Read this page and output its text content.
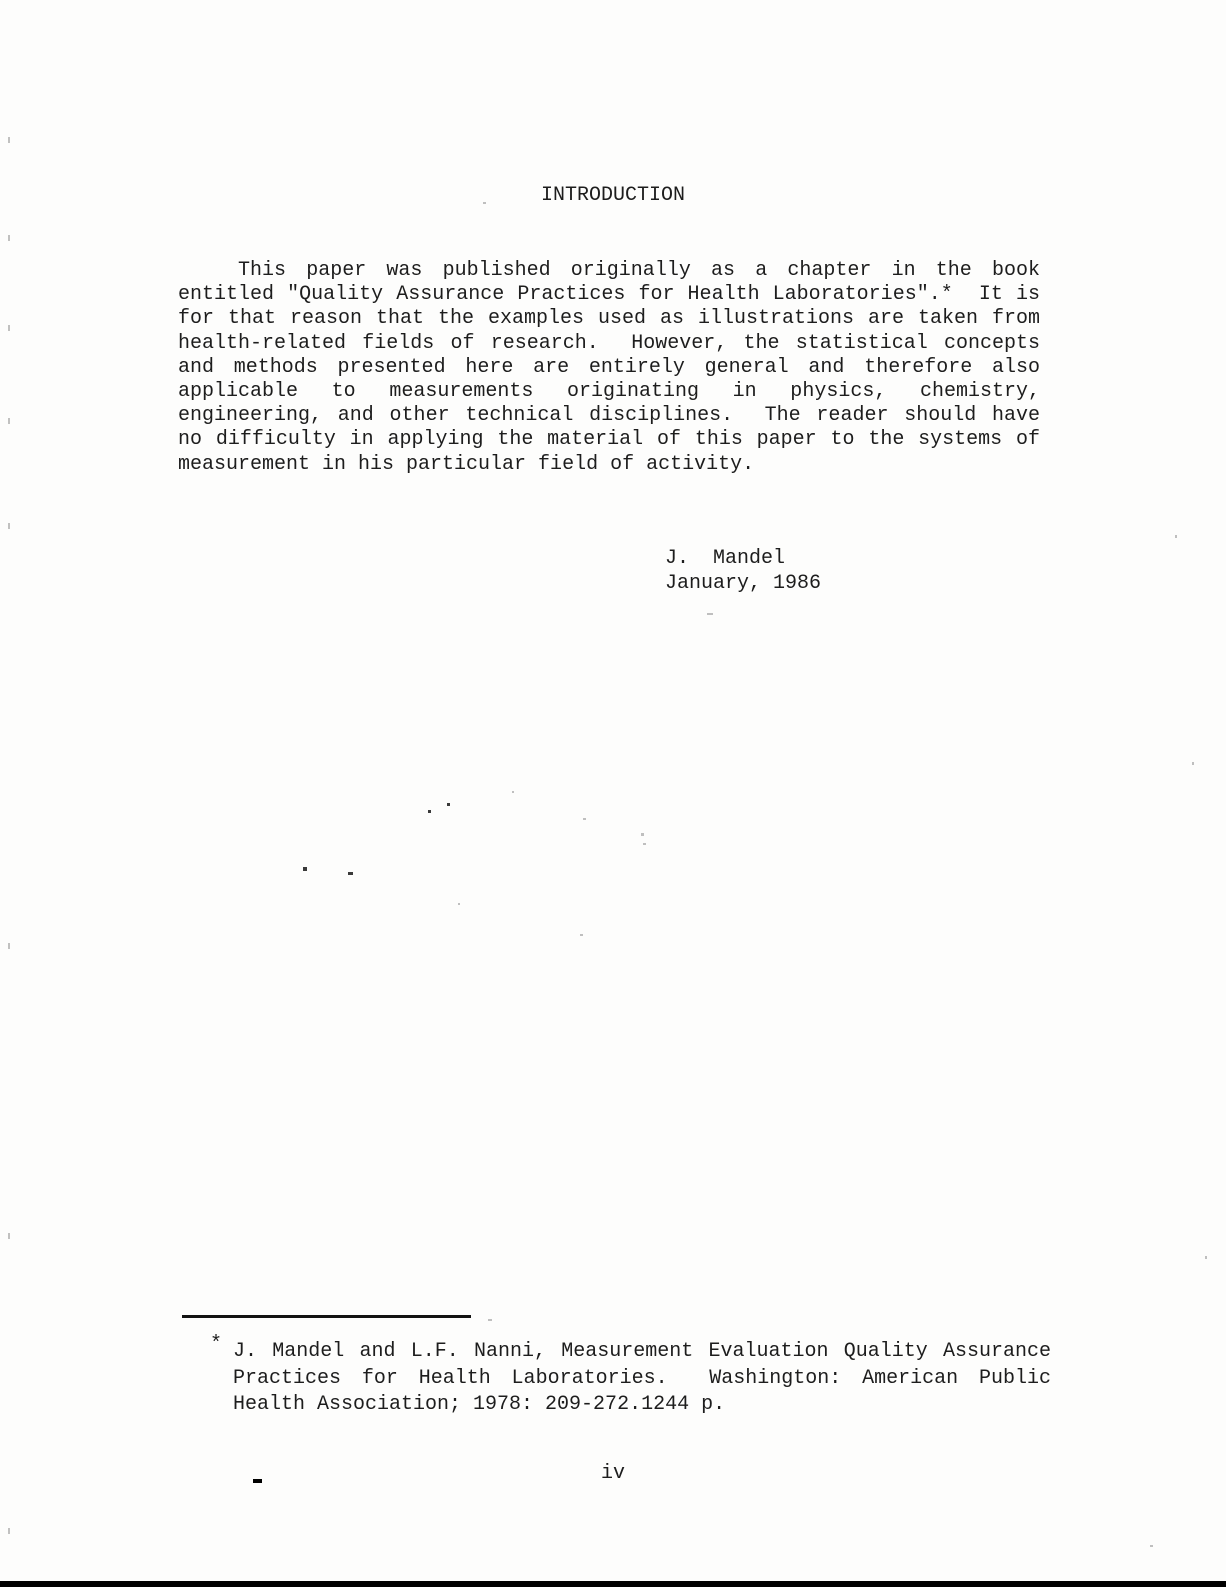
INTRODUCTION
This paper was published originally as a chapter in the book
entitled "Quality Assurance Practices for Health Laboratories".*  It is
for that reason that the examples used as illustrations are taken from
health-related fields of research.  However, the statistical concepts
and methods presented here are entirely general and therefore also
applicable to measurements originating in physics, chemistry,
engineering, and other technical disciplines.  The reader should have
no difficulty in applying the material of this paper to the systems of
measurement in his particular field of activity.
J.  Mandel
January, 1986
* J. Mandel and L.F. Nanni, Measurement Evaluation Quality Assurance
Practices for Health Laboratories.  Washington: American Public
Health Association; 1978: 209-272.1244 p.
iv
